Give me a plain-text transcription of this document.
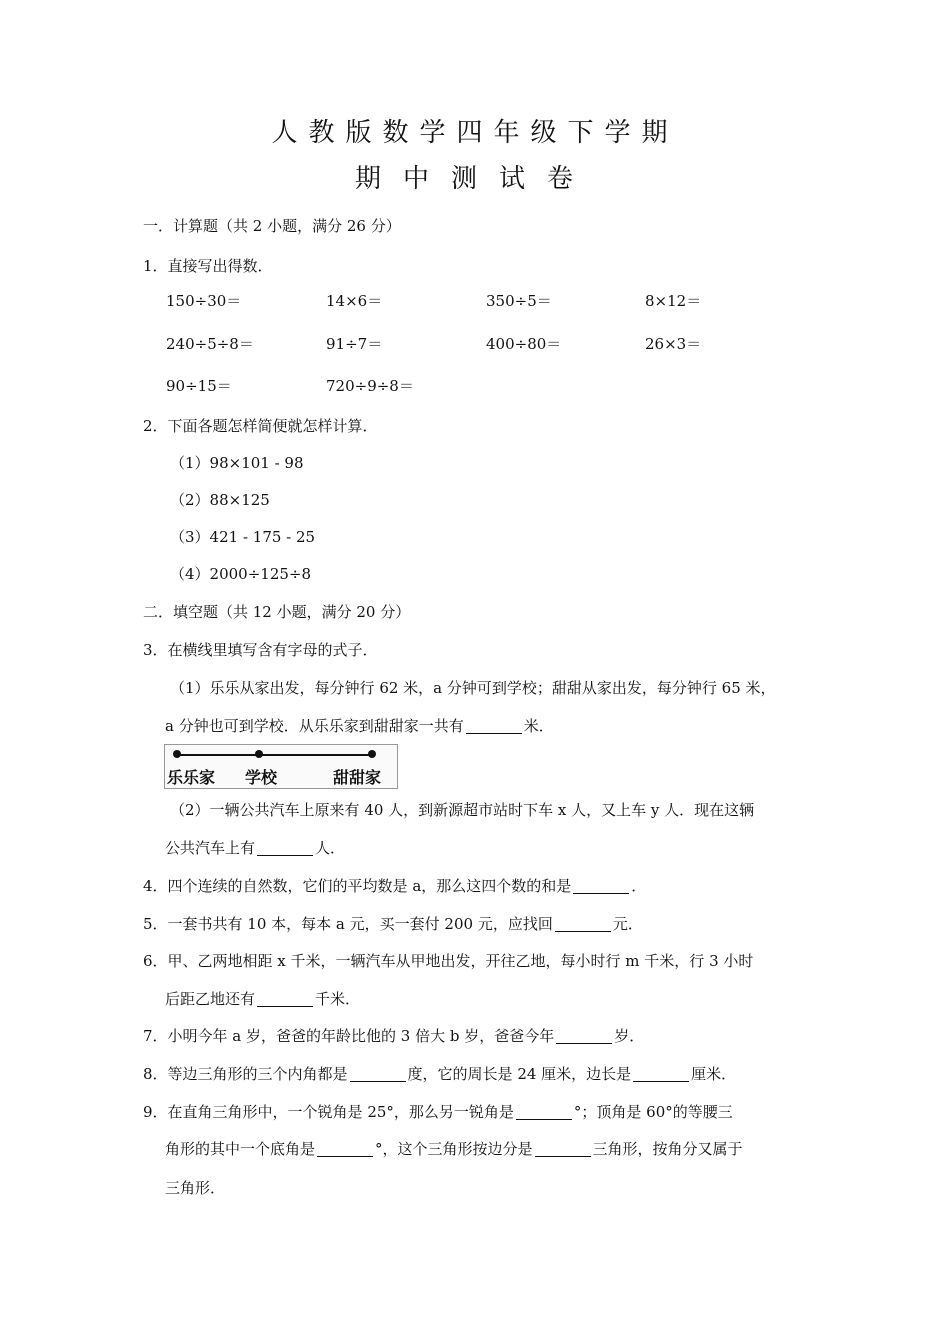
人教版数学四年级下学期
期中测试卷
一．计算题（共 2 小题，满分 26 分）
1．直接写出得数．
150÷30＝	14×6＝	350÷5＝	8×12＝
240÷5÷8＝	91÷7＝	400÷80＝	26×3＝
90÷15＝	720÷9÷8＝
2．下面各题怎样简便就怎样计算．
（1）98×101 - 98
（2）88×125
（3）421 - 175 - 25
（4）2000÷125÷8
二．填空题（共 12 小题，满分 20 分）
3．在横线里填写含有字母的式子．
（1）乐乐从家出发，每分钟行 62 米，a 分钟可到学校；甜甜从家出发，每分钟行 65 米，
a 分钟也可到学校．从乐乐家到甜甜家一共有	米．
乐乐家 学校	甜甜家
（2）一辆公共汽车上原来有 40 人，到新源超市站时下车 x 人，又上车 y 人．现在这辆
公共汽车上有	人．
4．四个连续的自然数，它们的平均数是 a，那么这四个数的和是	．
5．一套书共有 10 本，每本 a 元，买一套付 200 元，应找回	元．
6．甲、乙两地相距 x 千米，一辆汽车从甲地出发，开往乙地，每小时行 m 千米，行 3 小时
后距乙地还有	千米．
7．小明今年 a 岁，爸爸的年龄比他的 3 倍大 b 岁，爸爸今年	岁．
8．等边三角形的三个内角都是	度，它的周长是 24 厘米，边长是	厘米．
9．在直角三角形中，一个锐角是 25°，那么另一锐角是	°；顶角是 60°的等腰三
角形的其中一个底角是	°，这个三角形按边分是	三角形，按角分又属于
三角形．
